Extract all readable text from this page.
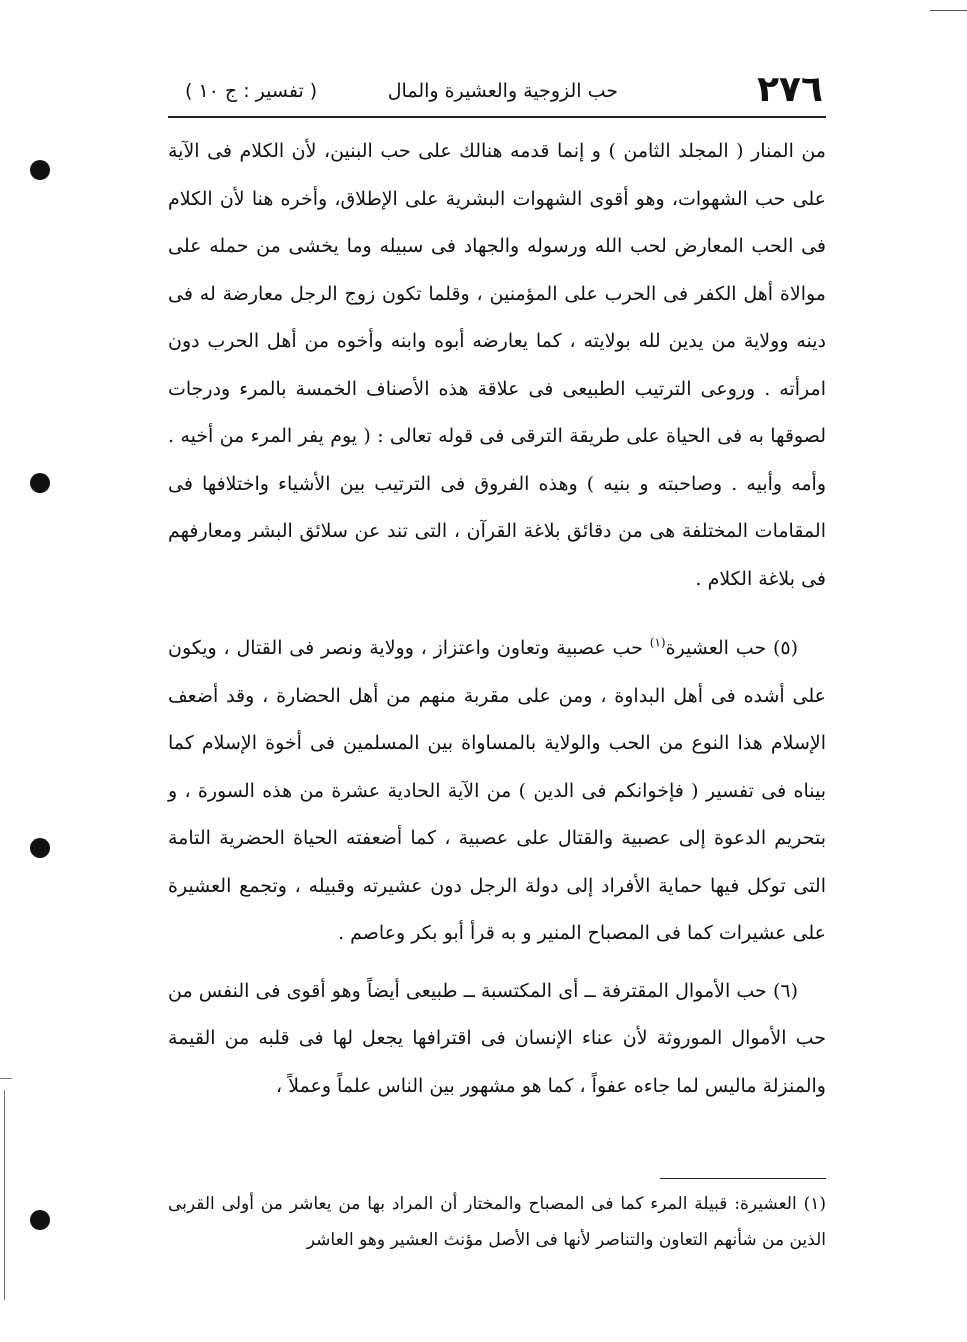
٢٧٦
حب الزوجية والعشيرة والمال
( تفسير : ج ١٠ )

من المنار ( المجلد الثامن ) و إنما قدمه هنالك على حب البنين، لأن الكلام فى الآية على حب الشهوات، وهو أقوى الشهوات البشرية على الإطلاق، وأخره هنا لأن الكلام فى الحب المعارض لحب الله ورسوله والجهاد فى سبيله وما يخشى من حمله على موالاة أهل الكفر فى الحرب على المؤمنين ، وقلما تكون زوج الرجل معارضة له فى دينه وولاية من يدين لله بولايته ، كما يعارضه أبوه وابنه وأخوه من أهل الحرب دون امرأته . وروعى الترتيب الطبيعى فى علاقة هذه الأصناف الخمسة بالمرء ودرجات لصوقها به فى الحياة على طريقة الترقى فى قوله تعالى : ( يوم يفر المرء من أخيه . وأمه وأبيه . وصاحبته و بنيه ) وهذه الفروق فى الترتيب بين الأشياء واختلافها فى المقامات المختلفة هى من دقائق بلاغة القرآن ، التى تند عن سلائق البشر ومعارفهم فى بلاغة الكلام .

(٥) حب العشيرة$^{(١)}$ حب عصبية وتعاون واعتزاز ، وولاية ونصر فى القتال ، ويكون على أشده فى أهل البداوة ، ومن على مقربة منهم من أهل الحضارة ، وقد أضعف الإسلام هذا النوع من الحب والولاية بالمساواة بين المسلمين فى أخوة الإسلام كما بيناه فى تفسير ( فإخوانكم فى الدين ) من الآية الحادية عشرة من هذه السورة ، و بتحريم الدعوة إلى عصبية والقتال على عصبية ، كما أضعفته الحياة الحضرية التامة التى توكل فيها حماية الأفراد إلى دولة الرجل دون عشيرته وقبيله ، وتجمع العشيرة على عشيرات كما فى المصباح المنير و به قرأ أبو بكر وعاصم .

(٦) حب الأموال المقترفة ــ أى المكتسبة ــ طبيعى أيضاً وهو أقوى فى النفس من حب الأموال الموروثة لأن عناء الإنسان فى اقترافها يجعل لها فى قلبه من القيمة والمنزلة ماليس لما جاءه عفواً ، كما هو مشهور بين الناس علماً وعملاً ،

(١) العشيرة: قبيلة المرء كما فى المصباح والمختار أن المراد بها من يعاشر من أولى القربى الذين من شأنهم التعاون والتناصر لأنها فى الأصل مؤنث العشير وهو العاشر
